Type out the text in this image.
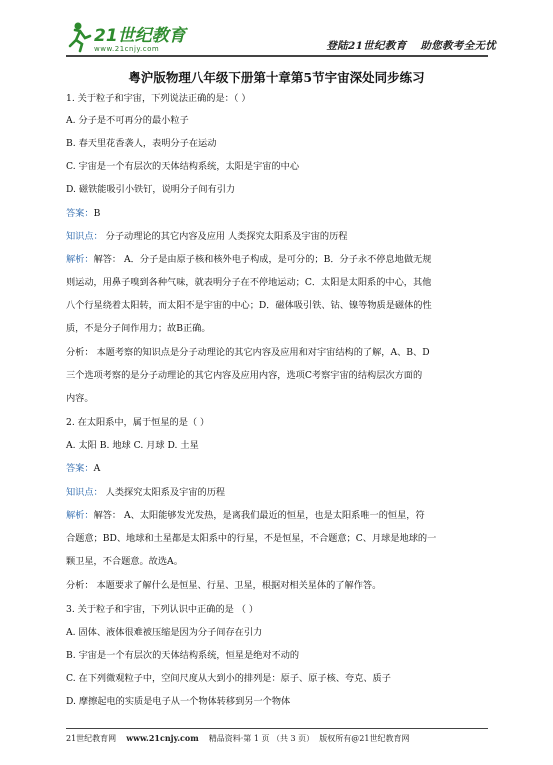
21世纪教育
www.21cnjy.com	登陆21世纪教育 助您教考全无忧
粤沪版物理八年级下册第十章第5节宇宙深处同步练习
1. 关于粒子和宇宙，下列说法正确的是：（ ）
A. 分子是不可再分的最小粒子
B. 春天里花香袭人，表明分子在运动
C. 宇宙是一个有层次的天体结构系统，太阳是宇宙的中心
D. 磁铁能吸引小铁钉，说明分子间有引力
答案：B
知识点： 分子动理论的其它内容及应用 人类探究太阳系及宇宙的历程
解析：解答： A．分子是由原子核和核外电子构成，是可分的；B．分子永不停息地做无规
则运动，用鼻子嗅到各种气味，就表明分子在不停地运动；C．太阳是太阳系的中心，其他
八个行星绕着太阳转，而太阳不是宇宙的中心；D．磁体吸引铁、钴、镍等物质是磁体的性
质，不是分子间作用力；故B正确。
分析： 本题考察的知识点是分子动理论的其它内容及应用和对宇宙结构的了解，A、B、D
三个选项考察的是分子动理论的其它内容及应用内容，选项C考察宇宙的结构层次方面的
内容。
2. 在太阳系中，属于恒星的是（ ）
A. 太阳 B. 地球 C. 月球 D. 土星
答案：A
知识点： 人类探究太阳系及宇宙的历程
解析：解答： A、太阳能够发光发热，是离我们最近的恒星，也是太阳系唯一的恒星，符
合题意；BD、地球和土星都是太阳系中的行星，不是恒星，不合题意；C、月球是地球的一
颗卫星，不合题意。故选A。
分析： 本题要求了解什么是恒星、行星、卫星，根据对相关星体的了解作答。
3. 关于粒子和宇宙，下列认识中正确的是 （ ）
A. 固体、液体很难被压缩是因为分子间存在引力
B. 宇宙是一个有层次的天体结构系统，恒星是绝对不动的
C. 在下列微观粒子中，空间尺度从大到小的排列是：原子、原子核、夸克、质子
D. 摩擦起电的实质是电子从一个物体转移到另一个物体
21世纪教育网 www.21cnjy.com 精品资料·第 1 页 （共 3 页） 版权所有@21世纪教育网
